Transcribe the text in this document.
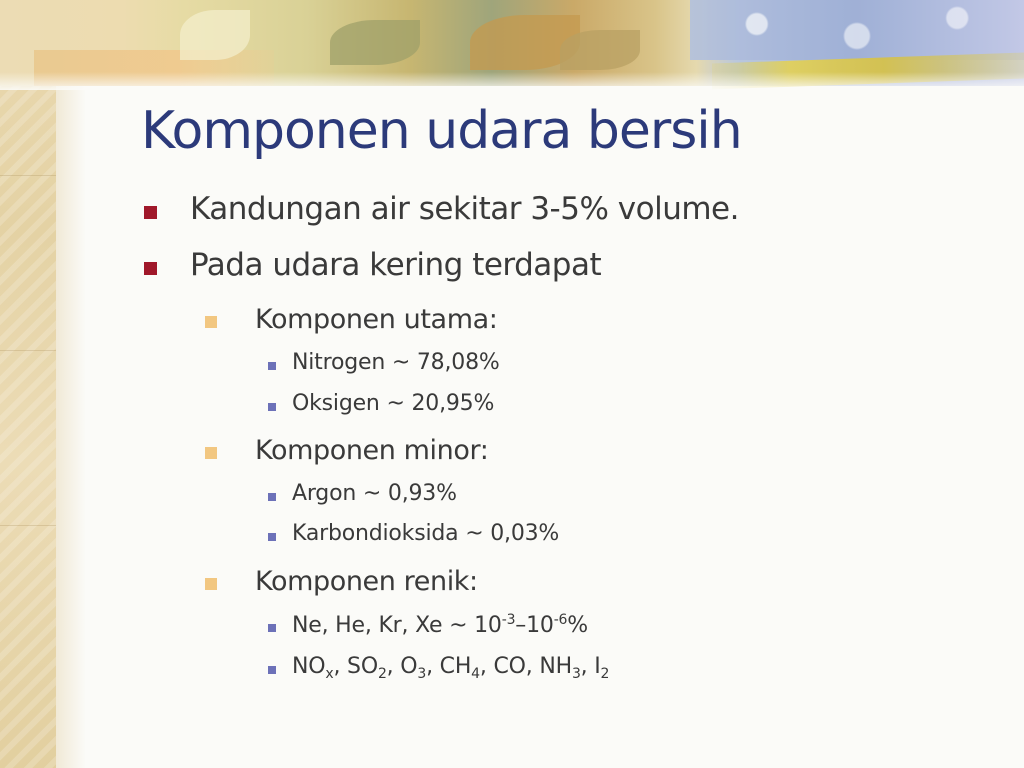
Komponen udara bersih
Kandungan air sekitar 3-5% volume.
Pada udara kering terdapat
Komponen utama:
Nitrogen ~ 78,08%
Oksigen ~ 20,95%
Komponen minor:
Argon ~ 0,93%
Karbondioksida ~ 0,03%
Komponen renik:
Ne, He, Kr, Xe ~ $10^{-3}-10^{-6}\%$
$NO_x$, $SO_2$, $O_3$, $CH_4$, CO, $NH_3$, $I_2$
